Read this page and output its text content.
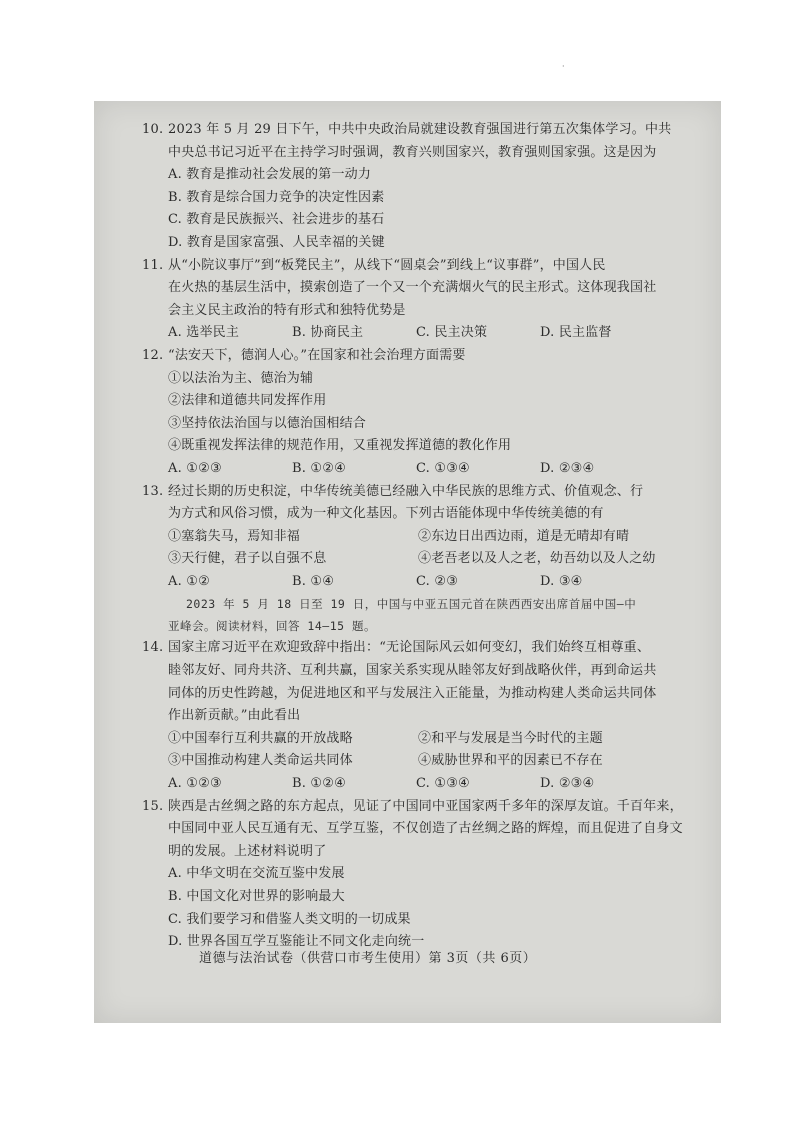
·
10. 2023 年 5 月 29 日下午，中共中央政治局就建设教育强国进行第五次集体学习。中共

中央总书记习近平在主持学习时强调，教育兴则国家兴，教育强则国家强。这是因为

A. 教育是推动社会发展的第一动力
B. 教育是综合国力竞争的决定性因素
C. 教育是民族振兴、社会进步的基石
D. 教育是国家富强、人民幸福的关键
11. 从“小院议事厅”到“板凳民主”，从线下“圆桌会”到线上“议事群”，中国人民

在火热的基层生活中，摸索创造了一个又一个充满烟火气的民主形式。这体现我国社

会主义民主政治的特有形式和独特优势是

A. 选举民主	B. 协商民主	C. 民主决策	D. 民主监督
12. “法安天下，德润人心。”在国家和社会治理方面需要

①以法治为主、德治为辅
②法律和道德共同发挥作用
③坚持依法治国与以德治国相结合
④既重视发挥法律的规范作用，又重视发挥道德的教化作用
A. ①②③	B. ①②④	C. ①③④	D. ②③④
13. 经过长期的历史积淀，中华传统美德已经融入中华民族的思维方式、价值观念、行

为方式和风俗习惯，成为一种文化基因。下列古语能体现中华传统美德的有

①塞翁失马，焉知非福	②东边日出西边雨，道是无晴却有晴
③天行健，君子以自强不息	④老吾老以及人之老，幼吾幼以及人之幼
A. ①②	B. ①④	C. ②③	D. ③④
2023 年 5 月 18 日至 19 日，中国与中亚五国元首在陕西西安出席首届中国—中
亚峰会。阅读材料，回答 14—15 题。
14. 国家主席习近平在欢迎致辞中指出：“无论国际风云如何变幻，我们始终互相尊重、

睦邻友好、同舟共济、互利共赢，国家关系实现从睦邻友好到战略伙伴，再到命运共

同体的历史性跨越，为促进地区和平与发展注入正能量，为推动构建人类命运共同体

作出新贡献。”由此看出

①中国奉行互利共赢的开放战略	②和平与发展是当今时代的主题
③中国推动构建人类命运共同体	④威胁世界和平的因素已不存在
A. ①②③	B. ①②④	C. ①③④	D. ②③④
15. 陕西是古丝绸之路的东方起点，见证了中国同中亚国家两千多年的深厚友谊。千百年来，

中国同中亚人民互通有无、互学互鉴，不仅创造了古丝绸之路的辉煌，而且促进了自身文

明的发展。上述材料说明了

A. 中华文明在交流互鉴中发展
B. 中国文化对世界的影响最大
C. 我们要学习和借鉴人类文明的一切成果
D. 世界各国互学互鉴能让不同文化走向统一
道德与法治试卷（供营口市考生使用）第 3页（共 6页）
